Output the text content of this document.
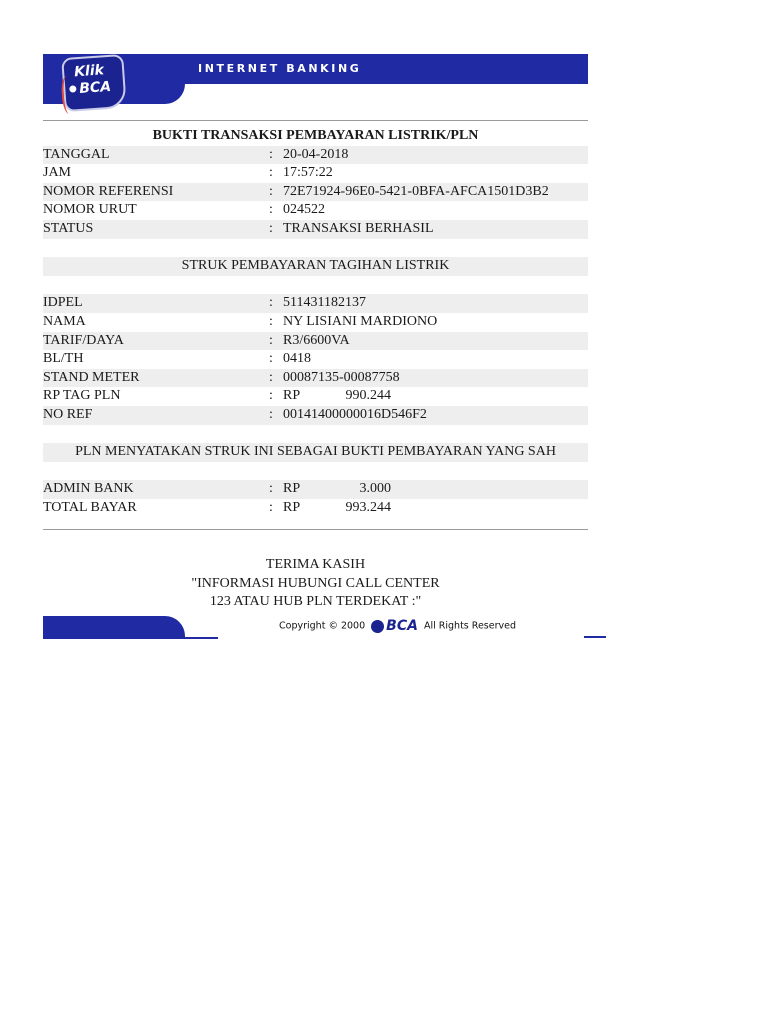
INTERNET BANKING
Klik
BCA
BUKTI TRANSAKSI PEMBAYARAN LISTRIK/PLN
TANGGAL	: 20-04-2018
JAM	: 17:57:22
NOMOR REFERENSI	: 72E71924-96E0-5421-0BFA-AFCA1501D3B2
NOMOR URUT	: 024522
STATUS	: TRANSAKSI BERHASIL
STRUK PEMBAYARAN TAGIHAN LISTRIK
IDPEL	: 511431182137
NAMA	: NY LISIANI MARDIONO
TARIF/DAYA	: R3/6600VA
BL/TH	: 0418
STAND METER	: 00087135-00087758
RP TAG PLN	: RP	990.244
NO REF	: 00141400000016D546F2
PLN MENYATAKAN STRUK INI SEBAGAI BUKTI PEMBAYARAN YANG SAH
ADMIN BANK	: RP	3.000
TOTAL BAYAR	: RP	993.244
TERIMA KASIH
"INFORMASI HUBUNGI CALL CENTER
123 ATAU HUB PLN TERDEKAT :"
Copyright © 2000 BCA All Rights Reserved
